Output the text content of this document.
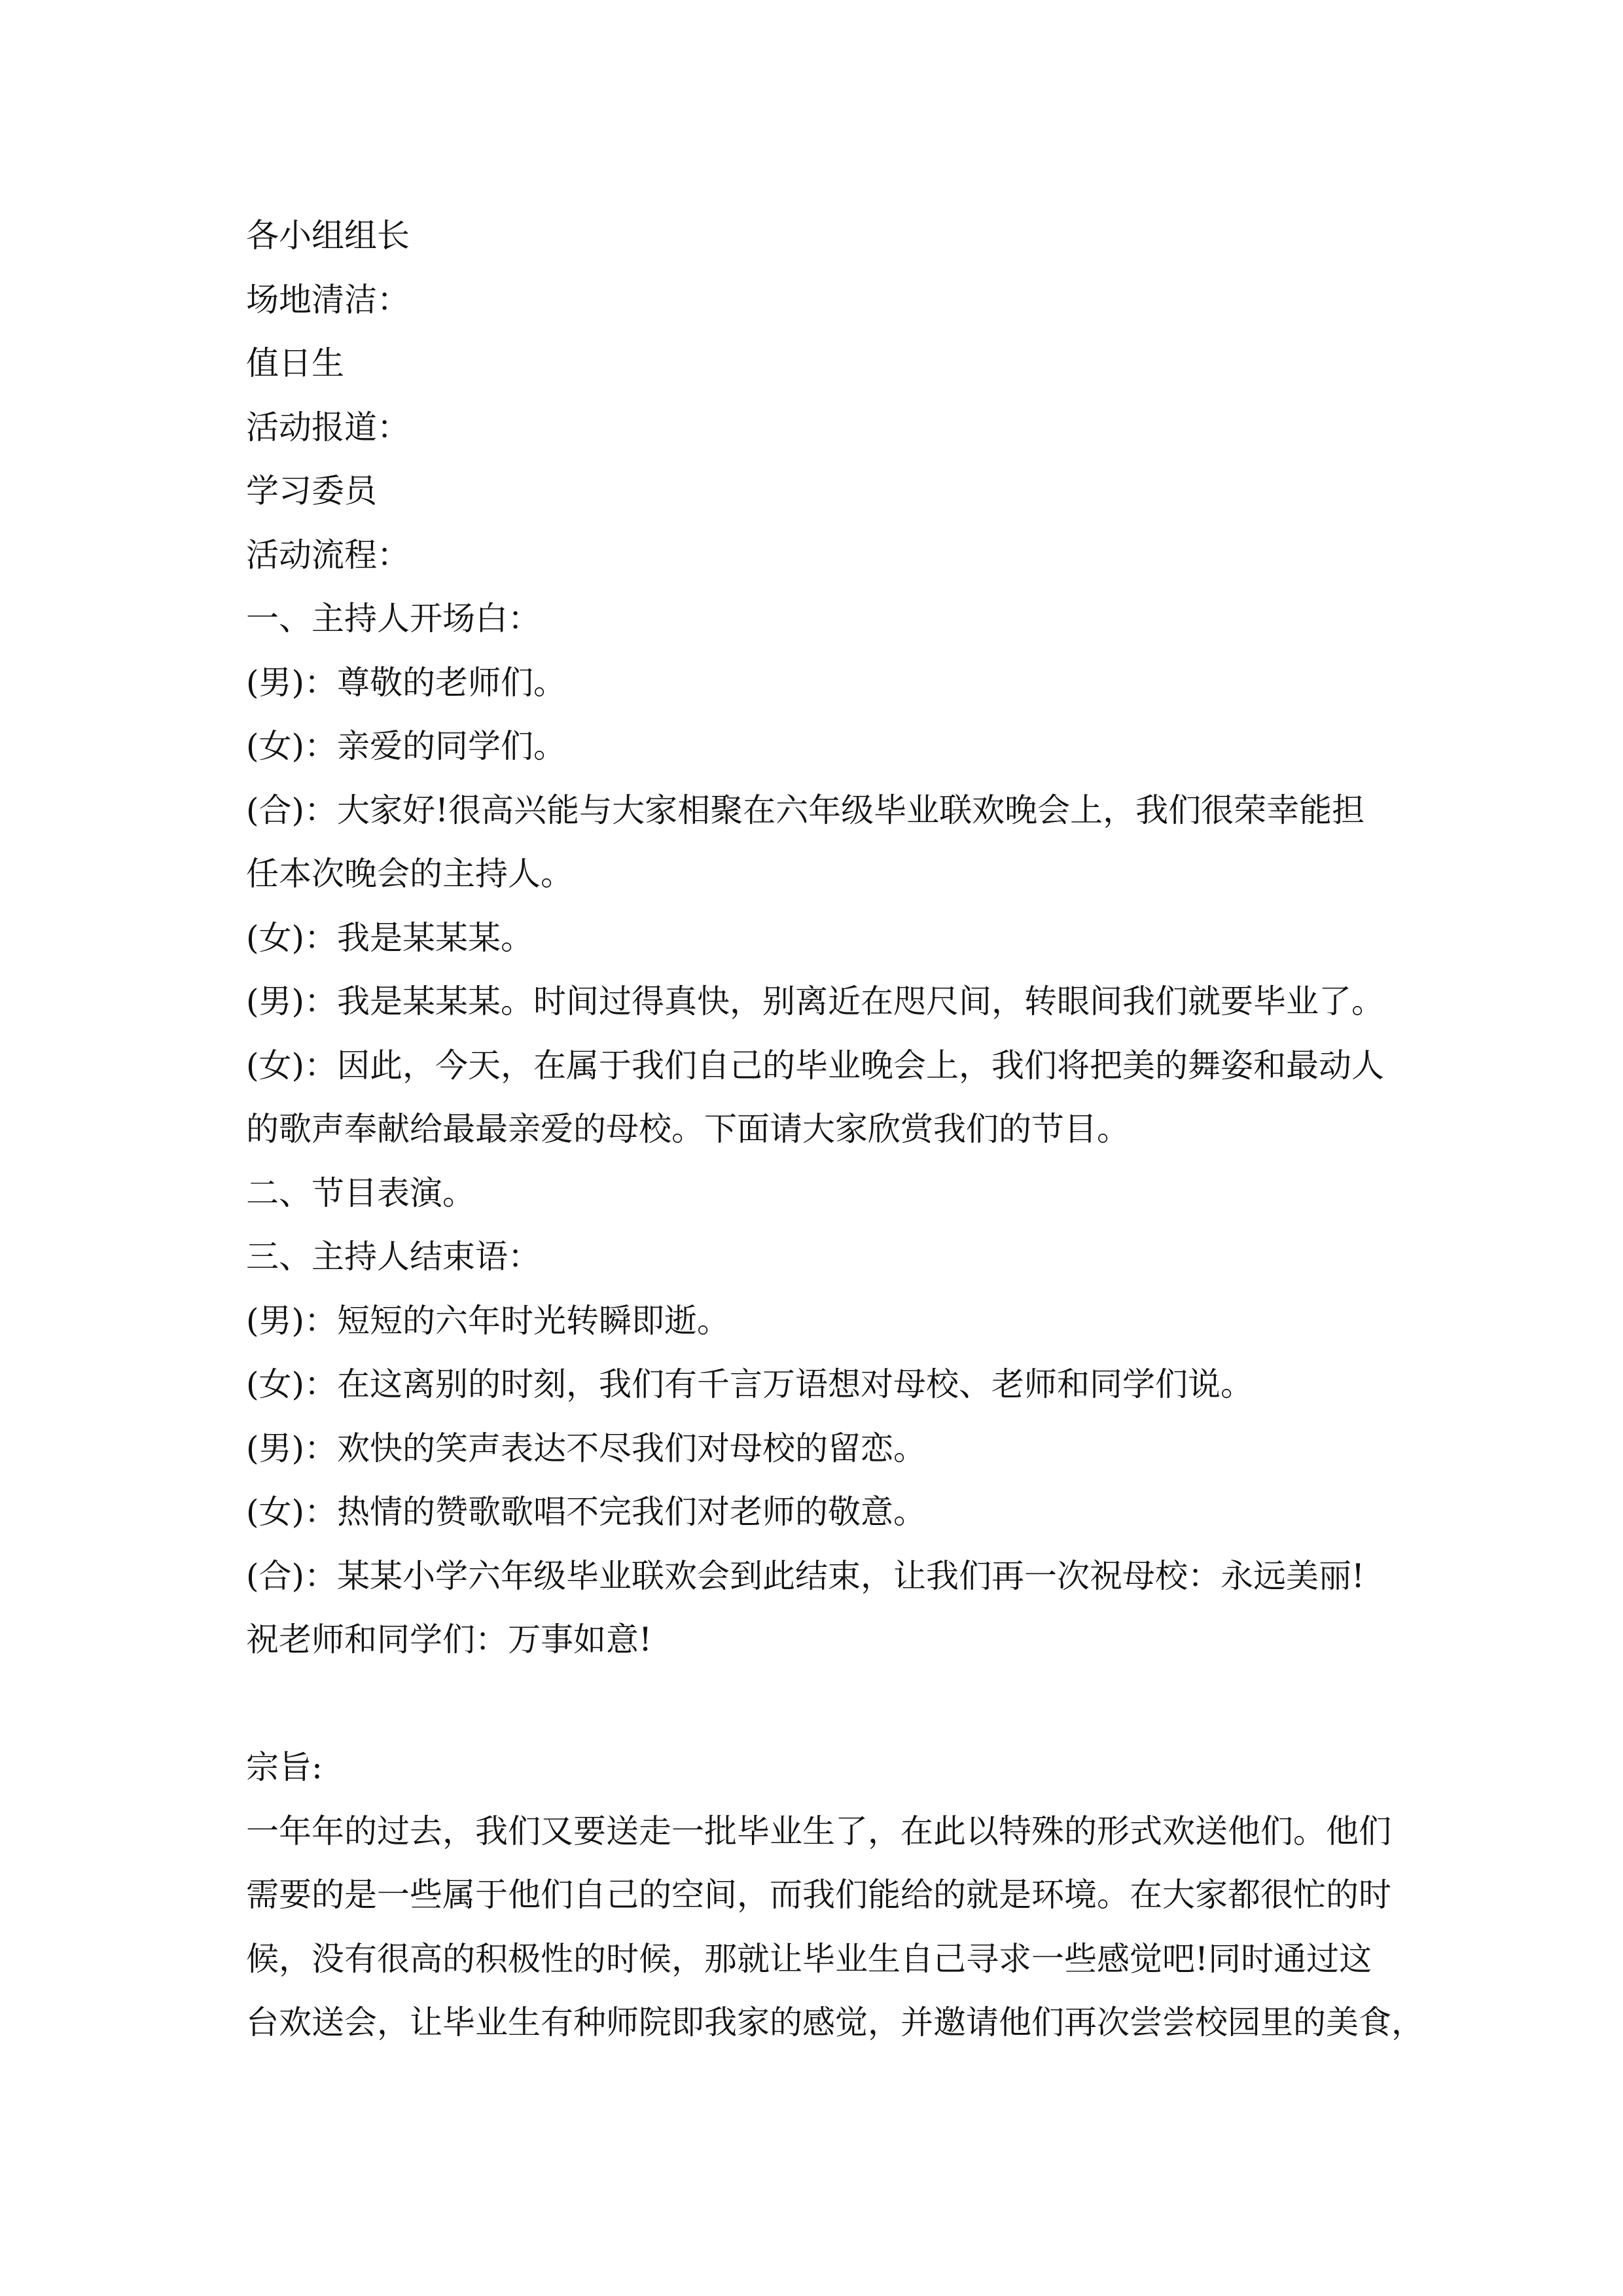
各小组组长
场地清洁：
值日生
活动报道：
学习委员
活动流程：
一、主持人开场白：
(男)：尊敬的老师们。
(女)：亲爱的同学们。
(合)：大家好!很高兴能与大家相聚在六年级毕业联欢晚会上，我们很荣幸能担
任本次晚会的主持人。
(女)：我是某某某。
(男)：我是某某某。时间过得真快，别离近在咫尺间，转眼间我们就要毕业了。
(女)：因此，今天，在属于我们自己的毕业晚会上，我们将把美的舞姿和最动人
的歌声奉献给最最亲爱的母校。下面请大家欣赏我们的节目。
二、节目表演。
三、主持人结束语：
(男)：短短的六年时光转瞬即逝。
(女)：在这离别的时刻，我们有千言万语想对母校、老师和同学们说。
(男)：欢快的笑声表达不尽我们对母校的留恋。
(女)：热情的赞歌歌唱不完我们对老师的敬意。
(合)：某某小学六年级毕业联欢会到此结束，让我们再一次祝母校：永远美丽!
祝老师和同学们：万事如意!
宗旨:
一年年的过去，我们又要送走一批毕业生了，在此以特殊的形式欢送他们。他们
需要的是一些属于他们自己的空间，而我们能给的就是环境。在大家都很忙的时
候，没有很高的积极性的时候，那就让毕业生自己寻求一些感觉吧!同时通过这
台欢送会，让毕业生有种师院即我家的感觉，并邀请他们再次尝尝校园里的美食，
